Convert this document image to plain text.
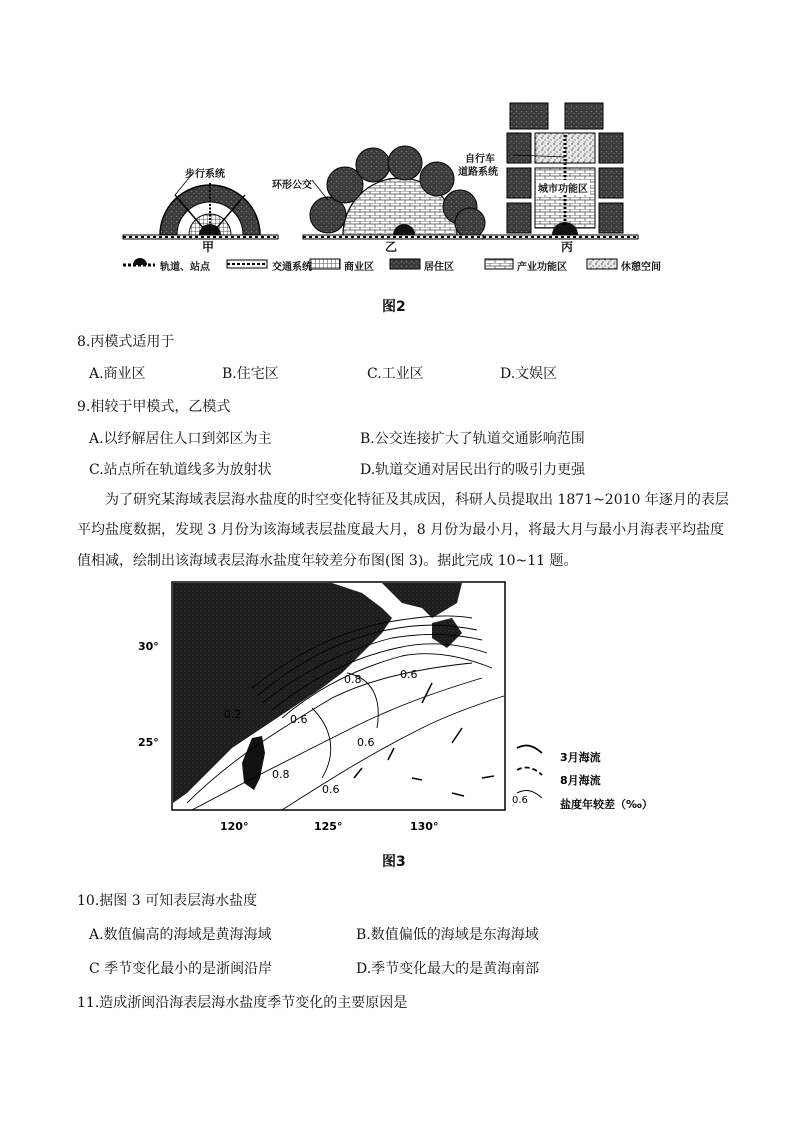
步行系统
甲
环形公交
乙
自行车
道路系统
城市功能区
丙
轨道、站点	交通系统	商业区	居住区	产业功能区	休憩空间
图2
8.丙模式适用于
A.商业区	B.住宅区	C.工业区	D.文娱区
9.相较于甲模式，乙模式
A.以纾解居住人口到郊区为主	B.公交连接扩大了轨道交通影响范围
C.站点所在轨道线多为放射状	D.轨道交通对居民出行的吸引力更强
为了研究某海域表层海水盐度的时空变化特征及其成因，科研人员提取出 1871~2010 年逐月的表层
平均盐度数据，发现 3 月份为该海域表层盐度最大月，8 月份为最小月，将最大月与最小月海表平均盐度
值相减，绘制出该海域表层海水盐度年较差分布图(图 3)。据此完成 10~11 题。
30°
25°
120°	125°	130°
0.8	0.6
0.2	0.6
0.8
0.6
0.6
3月海流
8月海流
0.6	盐度年较差（‰）
图3
10.据图 3 可知表层海水盐度
A.数值偏高的海域是黄海海域	B.数值偏低的海域是东海海域
C 季节变化最小的是浙闽沿岸	D.季节变化最大的是黄海南部
11.造成浙闽沿海表层海水盐度季节变化的主要原因是
